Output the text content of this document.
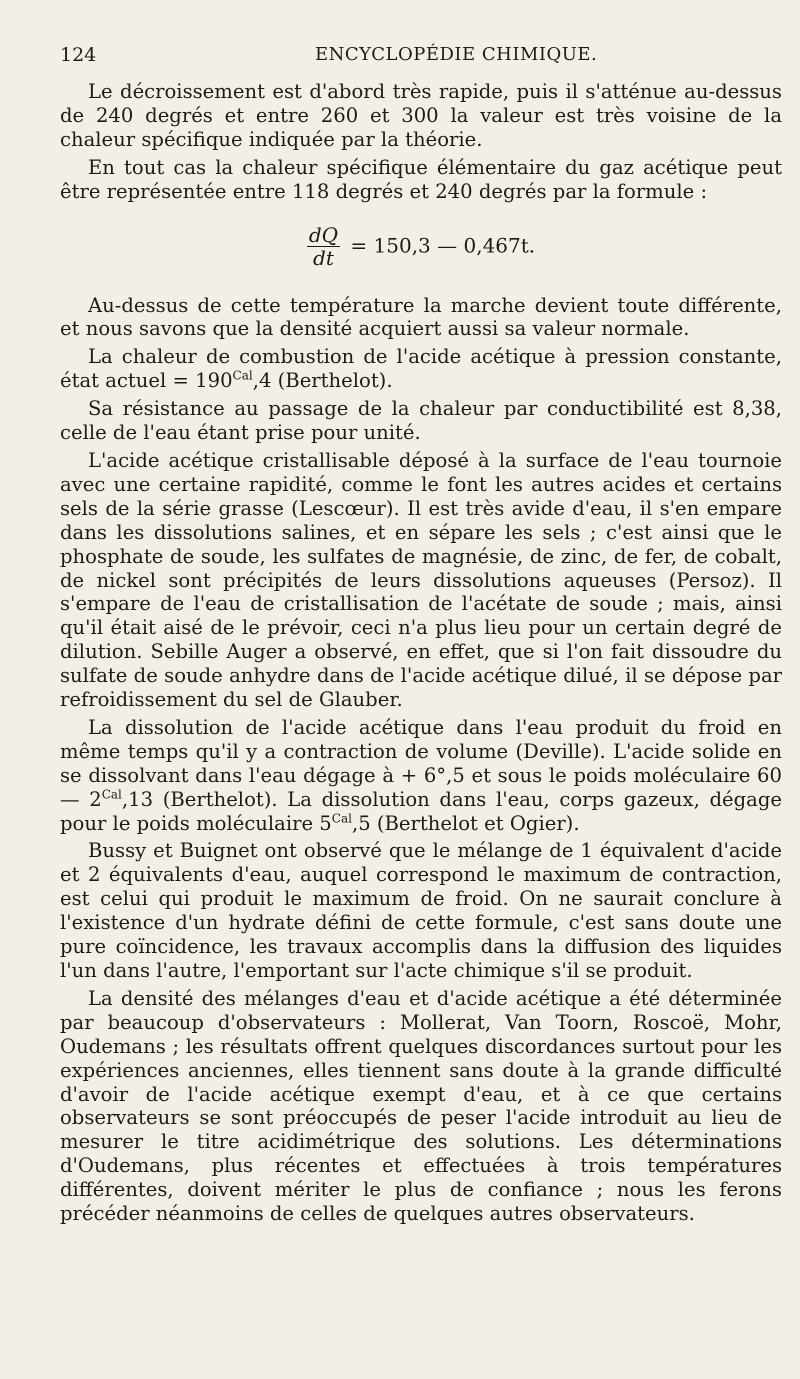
124	ENCYCLOPÉDIE CHIMIQUE.

Le décroissement est d'abord très rapide, puis il s'atténue au-dessus de 240 degrés et entre 260 et 300 la valeur est très voisine de la chaleur spécifique indiquée par la théorie.

En tout cas la chaleur spécifique élémentaire du gaz acétique peut être représentée entre 118 degrés et 240 degrés par la formule :

$\frac{dQ}{dt} = 150,3$ — 0,467t.

Au-dessus de cette température la marche devient toute différente, et nous savons que la densité acquiert aussi sa valeur normale.

La chaleur de combustion de l'acide acétique à pression constante, état actuel = $190^{Cal},4$ (Berthelot).

Sa résistance au passage de la chaleur par conductibilité est 8,38, celle de l'eau étant prise pour unité.

L'acide acétique cristallisable déposé à la surface de l'eau tournoie avec une certaine rapidité, comme le font les autres acides et certains sels de la série grasse (Lescœur). Il est très avide d'eau, il s'en empare dans les dissolutions salines, et en sépare les sels ; c'est ainsi que le phosphate de soude, les sulfates de magnésie, de zinc, de fer, de cobalt, de nickel sont précipités de leurs dissolutions aqueuses (Persoz). Il s'empare de l'eau de cristallisation de l'acétate de soude ; mais, ainsi qu'il était aisé de le prévoir, ceci n'a plus lieu pour un certain degré de dilution. Sebille Auger a observé, en effet, que si l'on fait dissoudre du sulfate de soude anhydre dans de l'acide acétique dilué, il se dépose par refroidissement du sel de Glauber.

La dissolution de l'acide acétique dans l'eau produit du froid en même temps qu'il y a contraction de volume (Deville). L'acide solide en se dissolvant dans l'eau dégage à + 6°,5 et sous le poids moléculaire 60 — $2^{Cal},13$ (Berthelot). La dissolution dans l'eau, corps gazeux, dégage pour le poids moléculaire $5^{Cal},5$ (Berthelot et Ogier).

Bussy et Buignet ont observé que le mélange de 1 équivalent d'acide et 2 équivalents d'eau, auquel correspond le maximum de contraction, est celui qui produit le maximum de froid. On ne saurait conclure à l'existence d'un hydrate défini de cette formule, c'est sans doute une pure coïncidence, les travaux accomplis dans la diffusion des liquides l'un dans l'autre, l'emportant sur l'acte chimique s'il se produit.

La densité des mélanges d'eau et d'acide acétique a été déterminée par beaucoup d'observateurs : Mollerat, Van Toorn, Roscoë, Mohr, Oudemans ; les résultats offrent quelques discordances surtout pour les expériences anciennes, elles tiennent sans doute à la grande difficulté d'avoir de l'acide acétique exempt d'eau, et à ce que certains observateurs se sont préoccupés de peser l'acide introduit au lieu de mesurer le titre acidimétrique des solutions. Les déterminations d'Oudemans, plus récentes et effectuées à trois températures différentes, doivent mériter le plus de confiance ; nous les ferons précéder néanmoins de celles de quelques autres observateurs.
